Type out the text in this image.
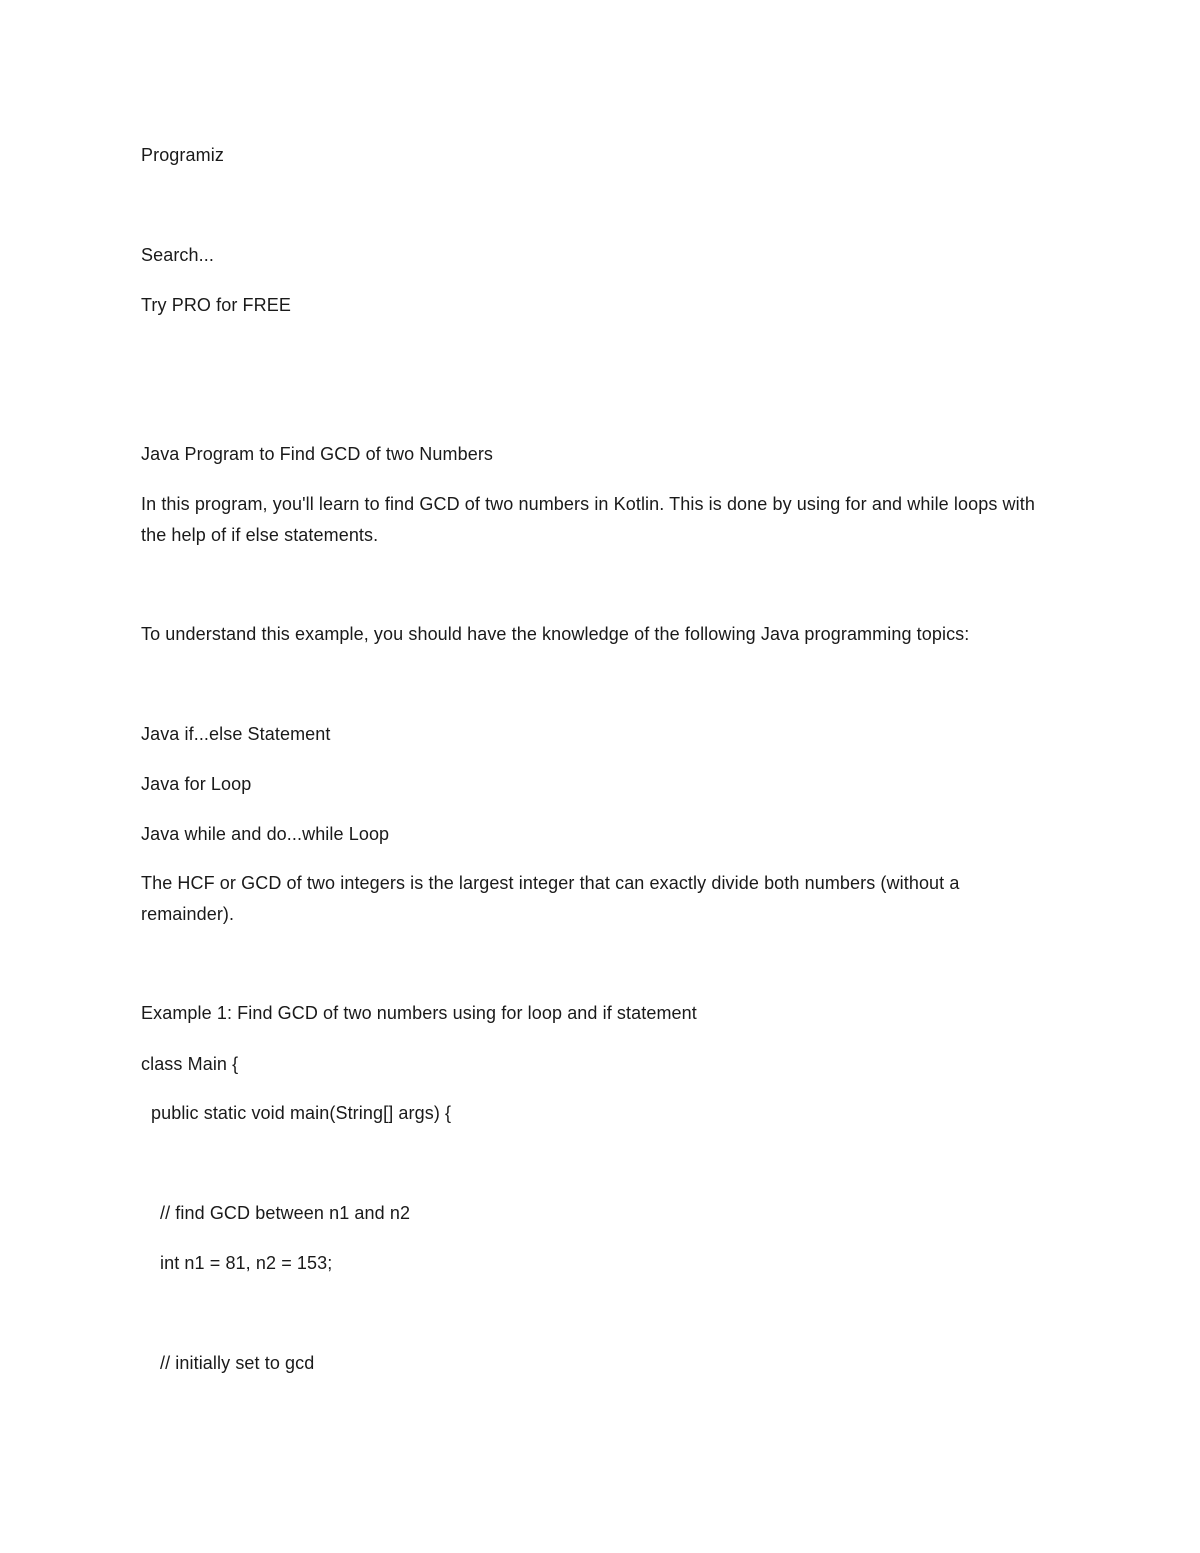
Programiz
Search...
Try PRO for FREE
Java Program to Find GCD of two Numbers
In this program, you'll learn to find GCD of two numbers in Kotlin. This is done by using for and while loops with the help of if else statements.
To understand this example, you should have the knowledge of the following Java programming topics:
Java if...else Statement
Java for Loop
Java while and do...while Loop
The HCF or GCD of two integers is the largest integer that can exactly divide both numbers (without a remainder).
Example 1: Find GCD of two numbers using for loop and if statement
class Main {
public static void main(String[] args) {
// find GCD between n1 and n2
int n1 = 81, n2 = 153;
// initially set to gcd
